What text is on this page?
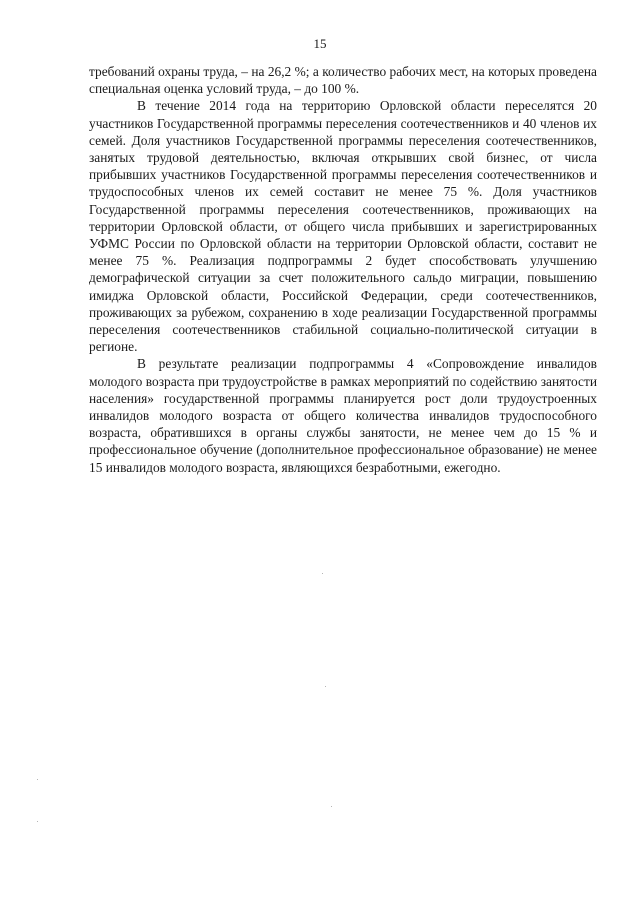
15

требований охраны труда, – на 26,2 %; а количество рабочих мест, на которых проведена специальная оценка условий труда, – до 100 %.

В течение 2014 года на территорию Орловской области переселятся 20 участников Государственной программы переселения соотечественников и 40 членов их семей. Доля участников Государственной программы переселения соотечественников, занятых трудовой деятельностью, включая открывших свой бизнес, от числа прибывших участников Государственной программы переселения соотечественников и трудоспособных членов их семей составит не менее 75 %. Доля участников Государственной программы переселения соотечественников, проживающих на территории Орловской области, от общего числа прибывших и зарегистрированных УФМС России по Орловской области на территории Орловской области, составит не менее 75 %. Реализация подпрограммы 2 будет способствовать улучшению демографической ситуации за счет положительного сальдо миграции, повышению имиджа Орловской области, Российской Федерации, среди соотечественников, проживающих за рубежом, сохранению в ходе реализации Государственной программы переселения соотечественников стабильной социально-политической ситуации в регионе.

В результате реализации подпрограммы 4 «Сопровождение инвалидов молодого возраста при трудоустройстве в рамках мероприятий по содействию занятости населения» государственной программы планируется рост доли трудоустроенных инвалидов молодого возраста от общего количества инвалидов трудоспособного возраста, обратившихся в органы службы занятости, не менее чем до 15 % и профессиональное обучение (дополнительное профессиональное образование) не менее 15 инвалидов молодого возраста, являющихся безработными, ежегодно.
